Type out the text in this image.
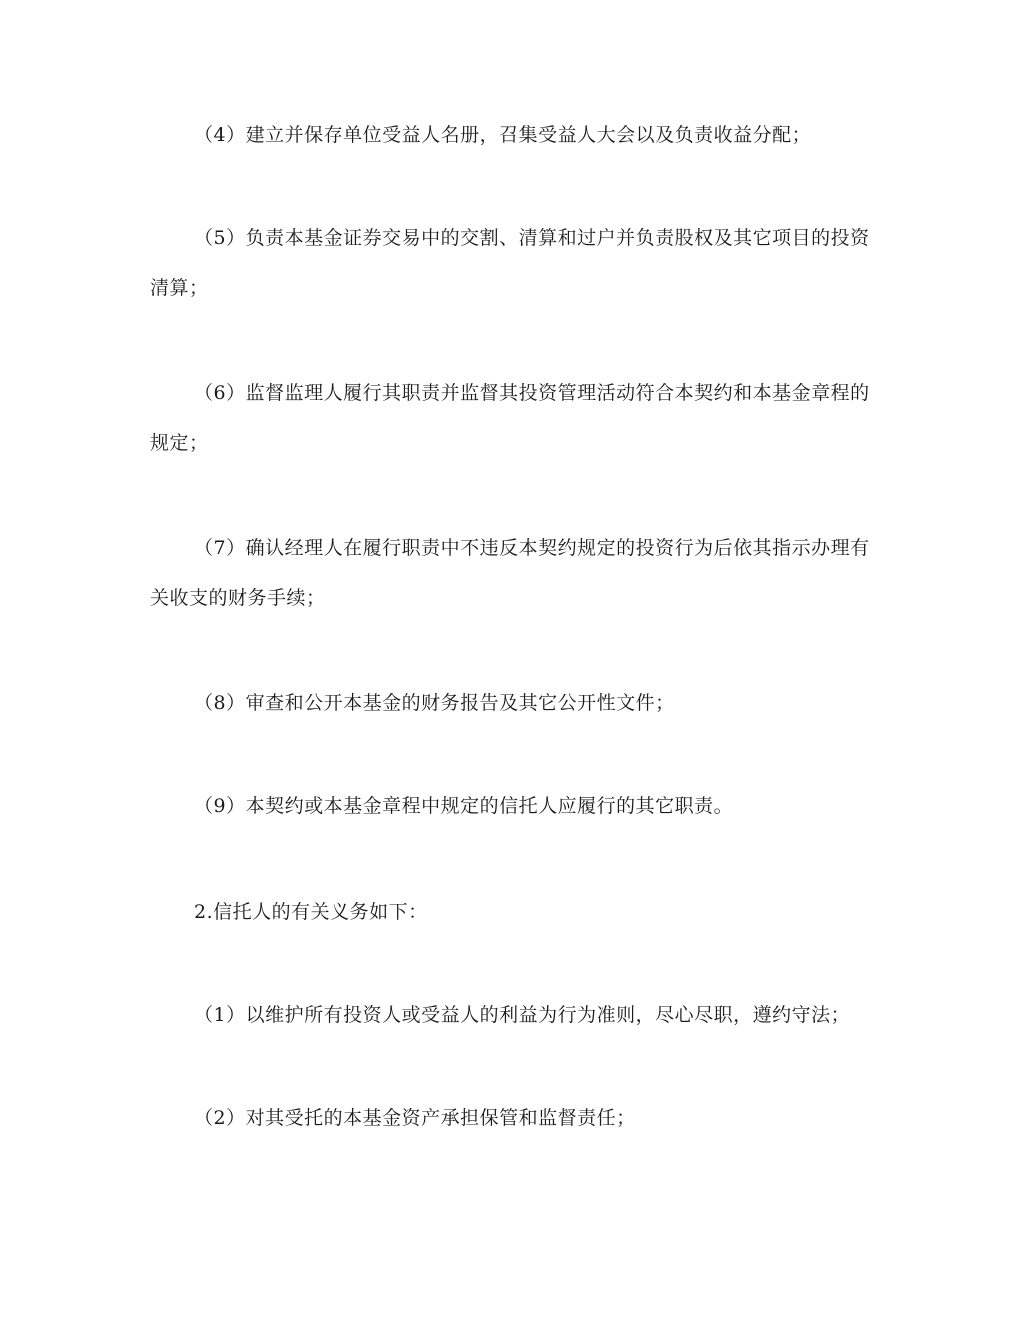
（4）建立并保存单位受益人名册，召集受益人大会以及负责收益分配；

（5）负责本基金证券交易中的交割、清算和过户并负责股权及其它项目的投资清算；

（6）监督监理人履行其职责并监督其投资管理活动符合本契约和本基金章程的规定；

（7）确认经理人在履行职责中不违反本契约规定的投资行为后依其指示办理有关收支的财务手续；

（8）审查和公开本基金的财务报告及其它公开性文件；

（9）本契约或本基金章程中规定的信托人应履行的其它职责。

2.信托人的有关义务如下：

（1）以维护所有投资人或受益人的利益为行为准则，尽心尽职，遵约守法；

（2）对其受托的本基金资产承担保管和监督责任；
